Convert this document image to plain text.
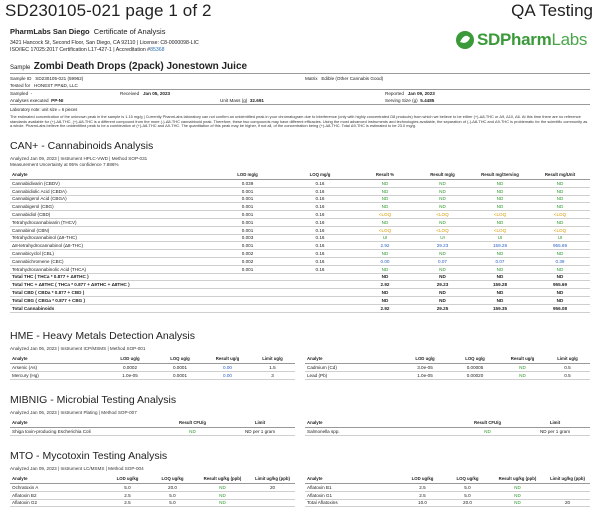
SD230105-021 page 1 of 2	QA Testing
PharmLabs San Diego Certificate of Analysis
3421 Hancock St, Second Floor, San Diego, CA 92110 | License: C8-0000098-LIC
ISO/IEC 17025:2017 Certification L17-427-1 | Accreditation #85368
SDPharmLabs
Sample Zombi Death Drops (2pack) Jonestown Juice
Sample ID SD230105-021 (59962)	Matrix Edible (Other Cannabis Good)
Tested for HONEST PP&D, LLC
Sampled -	Received Jan 05, 2023	Reported Jan 09, 2023
Analyses executed PP-NI	Unit Mass (g) 32.691	Serving Size (g) 5.4485
Laboratory note: unit size = 6 pieces
The estimated concentration of the unknown peak in the sample is 1.15 mg/g | Currently PharmLabs laboratory can not confirm an unidentified peak in your chromatogram due to interference (only with highly concentrated D8 products) from which we believe to be either (+)-Δ8-THC or Δ9, Δ10, Δ6. At this time there are no reference standards available for (+)-Δ8-THC. (+)-Δ8-THC is a different compound from the more (-)-Δ8-THC cannabinoid peak. Therefore, these two compounds may have different efficacies. Using the most advanced instruments and technologies available, the separation of (-)-Δ8-THC and Δ9-THC is problematic for the scientific community as a whole. PharmLabs believe the unidentified peak to be a combination of (+)-Δ8-THC and Δ9-THC. The quantitation of this peak may be higher, if not all, of the concentration being (+)-Δ8-THC. Total Δ9-THC is estimated to be 23.0 mg/g.
CAN+ - Cannabinoids Analysis
Analyzed Jan 09, 2023 | Instrument HPLC-VWD | Method SOP-031
Measurement Uncertainty at 95% confidence 7.886%
Analyte	LOD mg/g	LOQ mg/g	Result %	Result mg/g	Result mg/Serving	Result mg/Unit
Cannabidivarin (CBDV)	0.039	0.16	ND	ND	ND	ND
Cannabidiolic Acid (CBDA)	0.001	0.16	ND	ND	ND	ND
Cannabigerol Acid (CBGA)	0.001	0.16	ND	ND	ND	ND
Cannabigerol (CBG)	0.001	0.16	ND	ND	ND	ND
Cannabidiol (CBD)	0.001	0.16	<LOQ	<LOQ	<LOQ	<LOQ
Tetrahydrocannabivarin (THCV)	0.001	0.16	ND	ND	ND	ND
Cannabinol (CBN)	0.001	0.16	<LOQ	<LOQ	<LOQ	<LOQ
Tetrahydrocannabinol (Δ9-THC)	0.003	0.16	UI	UI	UI	UI
Δ8-tetrahydrocannabinol (Δ8-THC)	0.001	0.16	2.92	29.23	159.28	955.69
Cannabicyclol (CBL)	0.002	0.16	ND	ND	ND	ND
Cannabichromene (CBC)	0.002	0.16	0.00	0.07	0.07	0.39
Tetrahydrocannabinolic Acid (THCA)	0.001	0.16	ND	ND	ND	ND
Total THC ( THCa * 0.877 + Δ9THC )			ND	ND	ND	ND
Total THC + Δ8THC ( THCa * 0.877 + Δ9THC + Δ8THC )			2.92	29.23	159.28	955.69
Total CBD ( CBDa * 0.877 + CBD )			ND	ND	ND	ND
Total CBG ( CBGa * 0.877 + CBG )			ND	ND	ND	ND
Total Cannabinoids			2.92	29.25	159.35	956.08
HME - Heavy Metals Detection Analysis
Analyzed Jan 06, 2023 | Instrument ICP/MSMS | Method SOP-001
Analyte	LOD ug/g	LOQ ug/g	Result ug/g	Limit ug/g
Arsenic (As)	0.0002	0.0001	0.00	1.5
Mercury (Hg)	1.0e-05	0.0001	0.00	3
Analyte	LOD ug/g	LOQ ug/g	Result ug/g	Limit ug/g
Cadmium (Cd)	3.0e-05	0.00005	ND	0.5
Lead (Pb)	1.0e-05	0.00020	ND	0.5
MIBNIG - Microbial Testing Analysis
Analyzed Jan 06, 2023 | Instrument Plating | Method SOP-007
Analyte	Result CFU/g	Limit
Shiga toxin-producing Escherichia Coli	ND	ND per 1 gram
Analyte	Result CFU/g	Limit
Salmonella spp.	ND	ND per 1 gram
MTO - Mycotoxin Testing Analysis
Analyzed Jan 09, 2023 | Instrument LC/MSMS | Method SOP-004
Analyte	LOD ug/kg	LOQ ug/kg	Result ug/kg (ppb)	Limit ug/kg (ppb)
Ochratoxin A	5.0	20.0	ND	20
Aflatoxin B2	2.5	5.0	ND	
Aflatoxin G2	2.5	5.0	ND	
Analyte	LOD ug/kg	LOQ ug/kg	Result ug/kg (ppb)	Limit ug/kg (ppb)
Aflatoxin B1	2.5	5.0	ND	
Aflatoxin G1	2.5	5.0	ND	
Total Aflatoxins	10.0	20.0	ND	20
